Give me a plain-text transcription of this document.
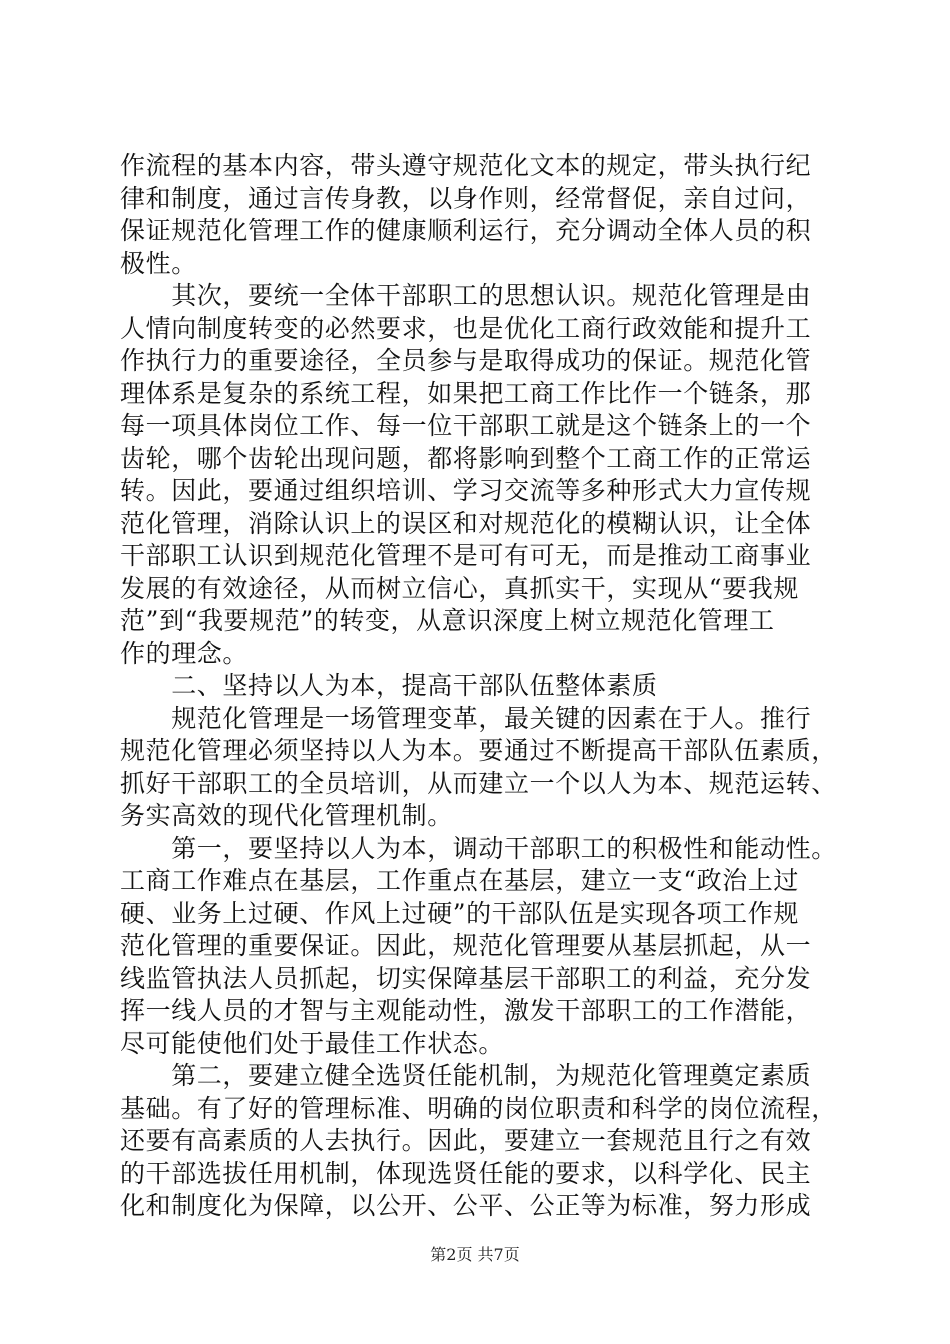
作流程的基本内容，带头遵守规范化文本的规定，带头执行纪
律和制度，通过言传身教，以身作则，经常督促，亲自过问，
保证规范化管理工作的健康顺利运行，充分调动全体人员的积
极性。
　　其次，要统一全体干部职工的思想认识。规范化管理是由
人情向制度转变的必然要求，也是优化工商行政效能和提升工
作执行力的重要途径，全员参与是取得成功的保证。规范化管
理体系是复杂的系统工程，如果把工商工作比作一个链条，那
每一项具体岗位工作、每一位干部职工就是这个链条上的一个
齿轮，哪个齿轮出现问题，都将影响到整个工商工作的正常运
转。因此，要通过组织培训、学习交流等多种形式大力宣传规
范化管理，消除认识上的误区和对规范化的模糊认识，让全体
干部职工认识到规范化管理不是可有可无，而是推动工商事业
发展的有效途径，从而树立信心，真抓实干，实现从“要我规
范”到“我要规范”的转变，从意识深度上树立规范化管理工
作的理念。
　　二、坚持以人为本，提高干部队伍整体素质
　　规范化管理是一场管理变革，最关键的因素在于人。推行
规范化管理必须坚持以人为本。要通过不断提高干部队伍素质，
抓好干部职工的全员培训，从而建立一个以人为本、规范运转、
务实高效的现代化管理机制。
　　第一，要坚持以人为本，调动干部职工的积极性和能动性。
工商工作难点在基层，工作重点在基层，建立一支“政治上过
硬、业务上过硬、作风上过硬”的干部队伍是实现各项工作规
范化管理的重要保证。因此，规范化管理要从基层抓起，从一
线监管执法人员抓起，切实保障基层干部职工的利益，充分发
挥一线人员的才智与主观能动性，激发干部职工的工作潜能，
尽可能使他们处于最佳工作状态。
　　第二，要建立健全选贤任能机制，为规范化管理奠定素质
基础。有了好的管理标准、明确的岗位职责和科学的岗位流程，
还要有高素质的人去执行。因此，要建立一套规范且行之有效
第2页 共7页
的干部选拔任用机制，体现选贤任能的要求，以科学化、民主
化和制度化为保障，以公开、公平、公正等为标准，努力形成
